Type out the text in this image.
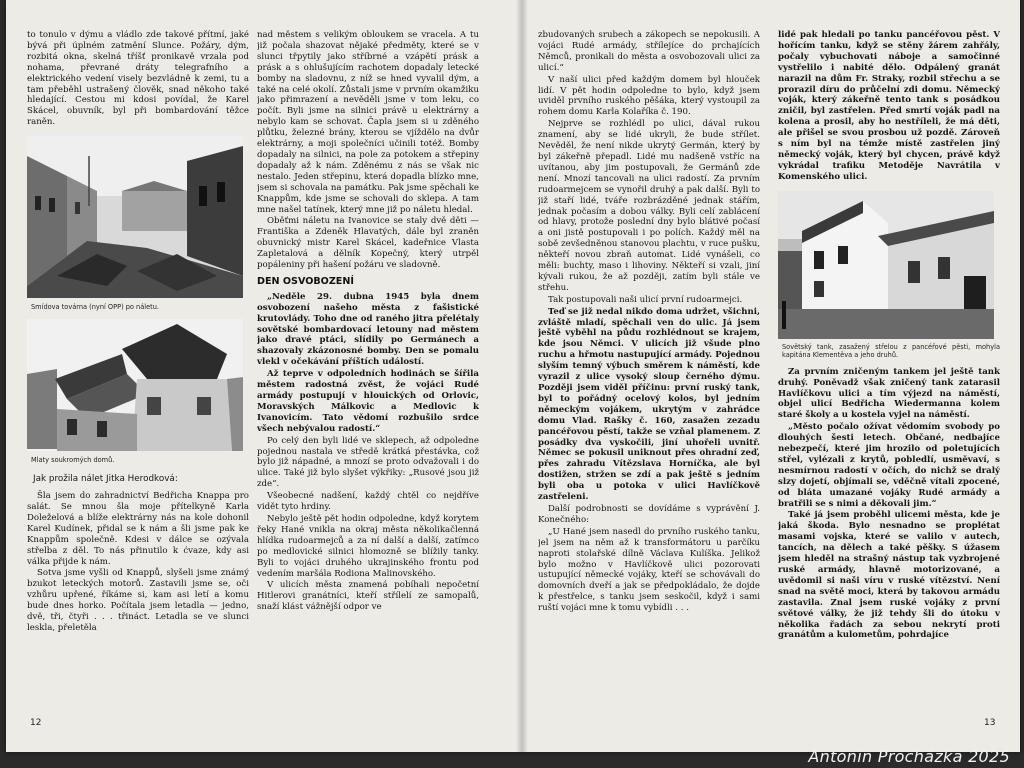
to tonulo v dýmu a vládlo zde takové přítmí, jaké bývá při úplném zatmění Slunce. Požáry, dým, rozbitá okna, skelná tříšť pronikavě vrzala pod nohama, převrané dráty telegrafního a elektrického vedení visely bezvládně k zemi, tu a tam přeběhl ustrašený člověk, snad někoho také hledající. Cestou mi kdosi povídal, že Karel Skácel, obuvník, byl při bombardování těžce raněn.

Smídova továrna (nyní OPP) po náletu.
Mlaty soukromých domů.
Jak prožila nálet Jitka Herodková:

Šla jsem do zahradnictví Bedřicha Knappa pro salát. Se mnou šla moje přítelkyně Karla Doleželová a blíže elektrárny nás na kole dohonil Karel Kudínek, přidal se k nám a šli jsme pak ke Knappům společně. Kdesi v dálce se ozývala střelba z děl. To nás přinutilo k ćvaze, kdy asi válka přijde k nám.

Sotva jsme vyšli od Knappů, slyšeli jsme známý bzukot leteckých motorů. Zastavili jsme se, oči vzhůru upřené, říkáme si, kam asi letí a komu bude dnes horko. Počítala jsem letadla — jedno, dvě, tři, čtyři . . . třináct. Letadla se ve slunci leskla, přeletěla

nad městem s velikým obloukem se vracela. A tu již počala shazovat nějaké předměty, které se v slunci třpytily jako stříbrné a vzápětí prásk a prásk a s ohlušujícím rachotem dopadaly letecké bomby na sladovnu, z níž se hned vyvalil dým, a také na celé okolí. Zůstali jsme v prvním okamžiku jako přimrazení a nevěděli jsme v tom leku, co počít. Byli jsme na silnici právě u elektrárny a nebylo kam se schovat. Čapla jsem si u zděného plůtku, železné brány, kterou se vjíždělo na dvůr elektrárny, a moji společníci učinili totéž. Bomby dopadaly na silnici, na pole za potokem a střepiny dopadaly až k nám. Zděnému z nás se však nic nestalo. Jeden střepinu, která dopadla blízko mne, jsem si schovala na památku. Pak jsme spěchali ke Knappům, kde jsme se schovali do sklepa. A tam mne našel tatínek, který mne již po náletu hledal.

Oběťmi náletu na Ivanovice se staly dvě děti — Františka a Zdeněk Hlavatých, dále byl zraněn obuvnický mistr Karel Skácel, kadeřnice Vlasta Zapletalová a dělník Kopečný, který utrpěl popáleniny při hašení požáru ve sladovně.

DEN OSVOBOZENÍ

„Neděle 29. dubna 1945 byla dnem osvobození našeho města z fašistické krutovlády. Toho dne od raného jitra přelétaly sovětské bombardovací letouny nad městem jako dravé ptáci, slídily po Germánech a shazovaly zkázonosné bomby. Den se pomalu vlekl v očekávání příštích událostí.

Až teprve v odpoledních hodinách se šířila městem radostná zvěst, že vojáci Rudé armády postupují v hlouických od Orlovic, Moravských Málkovic a Medlovic k Ivanovicím. Tato vědomí rozbušilo srdce všech nebývalou radostí.“

Po celý den byli lidé ve sklepech, až odpoledne pojednou nastala ve středě krátká přestávka, což bylo již nápadné, a mnozí se proto odvažovali i do ulice. Také již bylo slyšet výkřiky: „Rusové jsou již zde“.

Všeobecné nadšení, každý chtěl co nejdříve vidět tyto hrdiny.

Nebylo ještě pět hodin odpoledne, když korytem řeky Hané vnikla na okraj města několikačlenná hlídka rudoarmejců a za ní další a další, zatímco po medlovické silnici hlomozně se blížily tanky. Byli to vojáci druhého ukrajinského frontu pod vedením maršála Rodiona Malinovského.

V ulicích města znamená pobíhali nepočetní Hitlerovi granátníci, kteří střílelí ze samopalů, snaží klást vážnější odpor ve

zbudovaných srubech a zákopech se nepokusili. A vojáci Rudé armády, střílejíce do prchajících Němců, pronikali do města a osvobozovali ulici za ulicí.“

V naší ulici před každým domem byl hlouček lidí. V pět hodin odpoledne to bylo, když jsem uviděl prvního ruského pěšáka, který vystoupil za rohem domu Karla Kolaříka č. 190.

Nejprve se rozhlédl po ulici, dával rukou znamení, aby se lidé ukryli, že bude střílet. Nevěděl, že není nikde ukrytý Germán, který by byl zákeřně přepadl. Lidé mu nadšeně vstříc na uvítanou, aby jim postupovali, že Germánů zde není. Mnozí tancovali na ulici radostí. Za prvním rudoarmejcem se vynořil druhý a pak další. Byli to již staří lidé, tváře rozbrázděné jednak stářím, jednak počasím a dobou války. Byli celí zablácení od hlavy, protože poslední dny bylo blátivé počasí a oni jistě postupovali i po polích. Každý měl na sobě zevšedněnou stanovou plachtu, v ruce pušku, někteří novou zbraň automat. Lidé vynášeli, co měli: buchty, maso i lihoviny. Někteří si vzali, jiní kývali rukou, že až později, zatím byli stále ve střehu.

Tak postupovali naši ulicí první rudoarmejci.

Teď se již nedal nikdo doma udržet, všichni, zvláště mladí, spěchali ven do ulic. Já jsem ještě vyběhl na půdu rozhlédnout se krajem, kde jsou Němci. V ulicích již všude plno ruchu a hřmotu nastupující armády. Pojednou slyším temný výbuch směrem k náměstí, kde vyrazil z ulice vysoký sloup černého dýmu. Později jsem viděl příčinu: první ruský tank, byl to pořádný ocelový kolos, byl jedním německým vojákem, ukrytým v zahrádce domu Vlad. Rašky č. 160, zasažen zezadu pancéřovou pěstí, takže se vzňal plamenem. Z posádky dva vyskočili, jiní uhořeli uvnitř. Němec se pokusil uniknout přes ohradní zeď, přes zahradu Vítězslava Horníčka, ale byl dostižen, stržen se zdí a pak ještě s jedním byli oba u potoka v ulici Havlíčkově zastřeleni.

Další podrobnosti se dovídáme s vyprávění J. Konečného:

„U Hané jsem nasedl do prvního ruského tanku, jel jsem na něm až k transformátoru u parčíku naproti stolařské dílně Václava Kulíška. Jelikož bylo možno v Havlíčkově ulici pozorovati ustupující německé vojáky, kteří se schovávali do domovních dveří a jak se předpokládalo, že dojde k přestřelce, s tanku jsem seskočil, když i sami ruští vojáci mne k tomu vybídli . . .

lidé pak hledali po tanku pancéřovou pěst. V hořícím tanku, když se stěny žárem zahřály, počaly vybuchovati náboje a samočinné vystřelilo i nabité dělo. Odpálený granát narazil na dům Fr. Straky, rozbil střechu a se prorazil díru do průčelní zdi domu. Německý voják, který zákeřně tento tank s posádkou zničil, byl zastřelen. Před smrtí voják padl na kolena a prosil, aby ho nestříleli, že má děti, ale přišel se svou prosbou už pozdě. Zároveň s ním byl na témže místě zastřelen jiný německý voják, který byl chycen, právě když vykrádal trafiku Metoděje Navrátila v Komenského ulici.

Sovětský tank, zasažený střelou z pancéřové pěsti, mohyla kapitána Klementěva a jeho druhů.

Za prvním zničeným tankem jel ještě tank druhý. Poněvadž však zničený tank zatarasil Havlíčkovu ulici a tím výjezd na náměstí, objel ulicí Bedřicha Wiedermanna kolem staré školy a u kostela vyjel na náměstí.

„Město počalo ožívat vědomím svobody po dlouhých šesti letech. Občané, nedbajíce nebezpečí, které jim hrozilo od poletujících střel, vylézali z krytů, pobledlí, usměvaví, s nesmírnou radostí v očích, do nichž se dralý slzy dojetí, objímali se, vděčně vítali zpocené, od bláta umazané vojáky Rudé armády a bratřili se s nimi a děkovali jim.“

Také já jsem proběhl ulicemi města, kde je jaká škoda. Bylo nesnadno se proplétat masami vojska, které se valilo v autech, tancích, na dělech a také pěšky. S úžasem jsem hleděl na strašný nástup tak vyzbrojené ruské armády, hlavně motorizované, a uvědomil si naši víru v ruské vítězství. Není snad na světě moci, která by takovou armádu zastavila. Znal jsem ruské vojáky z první světové války, že již tehdy šli do útoku v několika řadách za sebou nekrytí proti granátům a kulometům, pohrdajíce

12	13
Antonín Procházka 2025
